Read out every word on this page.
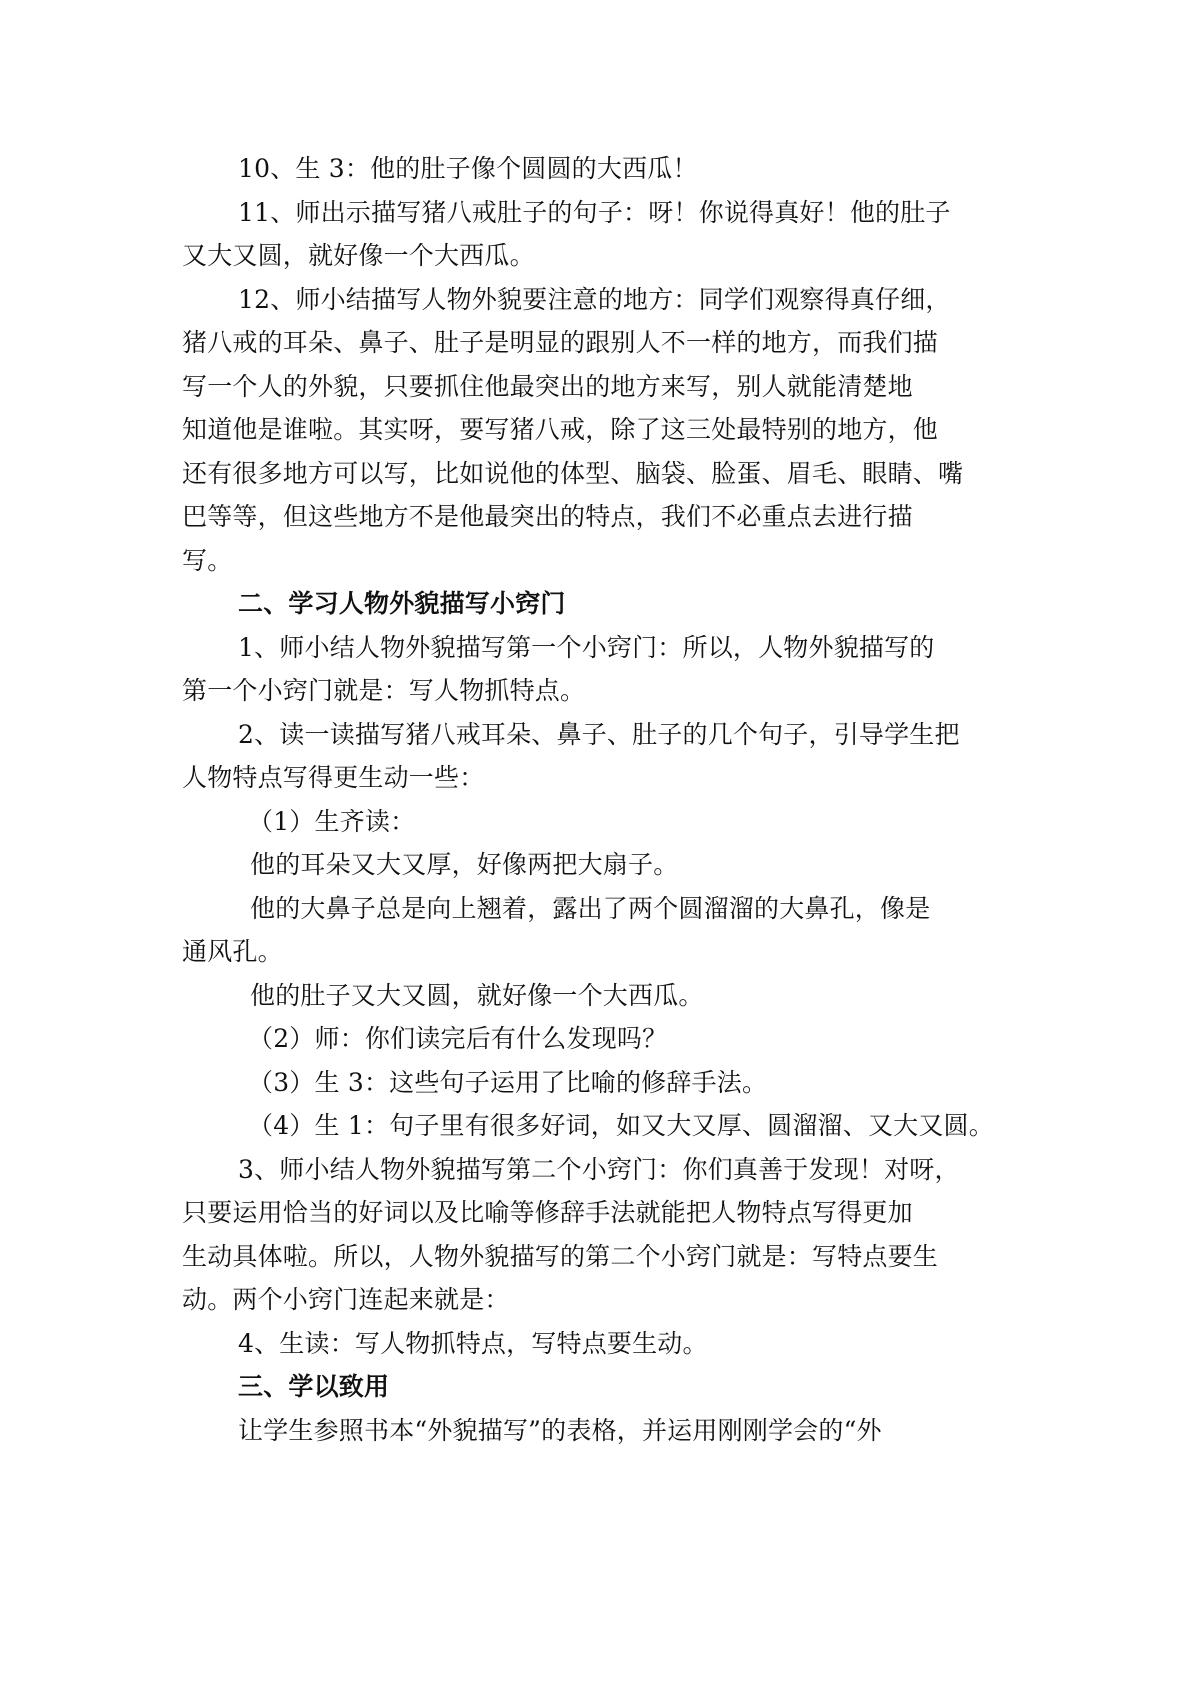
10、生 3：他的肚子像个圆圆的大西瓜！
11、师出示描写猪八戒肚子的句子：呀！你说得真好！他的肚子
又大又圆，就好像一个大西瓜。
12、师小结描写人物外貌要注意的地方：同学们观察得真仔细，
猪八戒的耳朵、鼻子、肚子是明显的跟别人不一样的地方，而我们描
写一个人的外貌，只要抓住他最突出的地方来写，别人就能清楚地
知道他是谁啦。其实呀，要写猪八戒，除了这三处最特别的地方，他
还有很多地方可以写，比如说他的体型、脑袋、脸蛋、眉毛、眼睛、嘴
巴等等，但这些地方不是他最突出的特点，我们不必重点去进行描
写。
二、学习人物外貌描写小窍门
1、师小结人物外貌描写第一个小窍门：所以，人物外貌描写的
第一个小窍门就是：写人物抓特点。
2、读一读描写猪八戒耳朵、鼻子、肚子的几个句子，引导学生把
人物特点写得更生动一些：
（1）生齐读：
他的耳朵又大又厚，好像两把大扇子。
他的大鼻子总是向上翘着，露出了两个圆溜溜的大鼻孔，像是
通风孔。
他的肚子又大又圆，就好像一个大西瓜。
（2）师：你们读完后有什么发现吗？
（3）生 3：这些句子运用了比喻的修辞手法。
（4）生 1：句子里有很多好词，如又大又厚、圆溜溜、又大又圆。
3、师小结人物外貌描写第二个小窍门：你们真善于发现！对呀，
只要运用恰当的好词以及比喻等修辞手法就能把人物特点写得更加
生动具体啦。所以，人物外貌描写的第二个小窍门就是：写特点要生
动。两个小窍门连起来就是：
4、生读：写人物抓特点，写特点要生动。
三、学以致用
让学生参照书本“外貌描写”的表格，并运用刚刚学会的“外
